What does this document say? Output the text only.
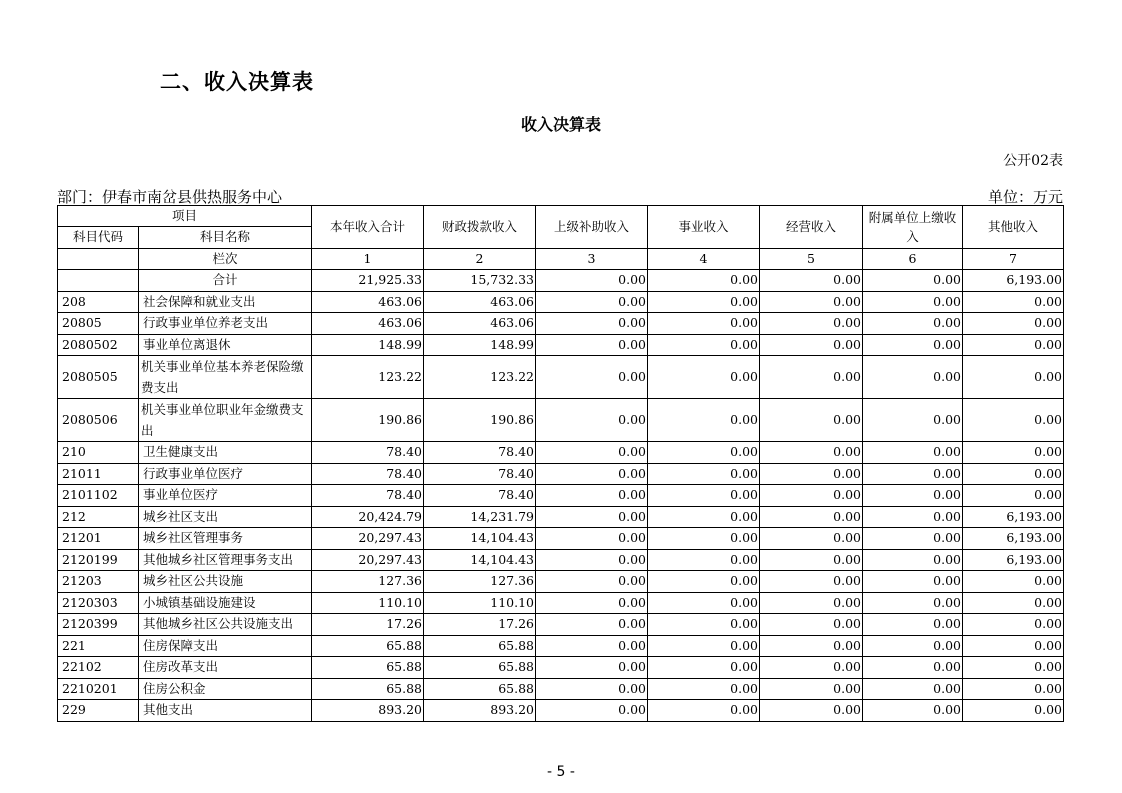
二、收入决算表
收入决算表
公开02表
部门：伊春市南岔县供热服务中心	单位：万元
项目		本年收入合计	财政拨款收入	上级补助收入	事业收入	经营收入	附属单位上缴收入	其他收入
科目代码	科目名称							
	栏次	1	2	3	4	5	6	7
	合计	21,925.33	15,732.33	0.00	0.00	0.00	0.00	6,193.00
208	社会保障和就业支出	463.06	463.06	0.00	0.00	0.00	0.00	0.00
20805	行政事业单位养老支出	463.06	463.06	0.00	0.00	0.00	0.00	0.00
2080502	事业单位离退休	148.99	148.99	0.00	0.00	0.00	0.00	0.00
2080505	机关事业单位基本养老保险缴费支出	123.22	123.22	0.00	0.00	0.00	0.00	0.00
2080506	机关事业单位职业年金缴费支出	190.86	190.86	0.00	0.00	0.00	0.00	0.00
210	卫生健康支出	78.40	78.40	0.00	0.00	0.00	0.00	0.00
21011	行政事业单位医疗	78.40	78.40	0.00	0.00	0.00	0.00	0.00
2101102	事业单位医疗	78.40	78.40	0.00	0.00	0.00	0.00	0.00
212	城乡社区支出	20,424.79	14,231.79	0.00	0.00	0.00	0.00	6,193.00
21201	城乡社区管理事务	20,297.43	14,104.43	0.00	0.00	0.00	0.00	6,193.00
2120199	其他城乡社区管理事务支出	20,297.43	14,104.43	0.00	0.00	0.00	0.00	6,193.00
21203	城乡社区公共设施	127.36	127.36	0.00	0.00	0.00	0.00	0.00
2120303	小城镇基础设施建设	110.10	110.10	0.00	0.00	0.00	0.00	0.00
2120399	其他城乡社区公共设施支出	17.26	17.26	0.00	0.00	0.00	0.00	0.00
221	住房保障支出	65.88	65.88	0.00	0.00	0.00	0.00	0.00
22102	住房改革支出	65.88	65.88	0.00	0.00	0.00	0.00	0.00
2210201	住房公积金	65.88	65.88	0.00	0.00	0.00	0.00	0.00
229	其他支出	893.20	893.20	0.00	0.00	0.00	0.00	0.00
- 5 -
